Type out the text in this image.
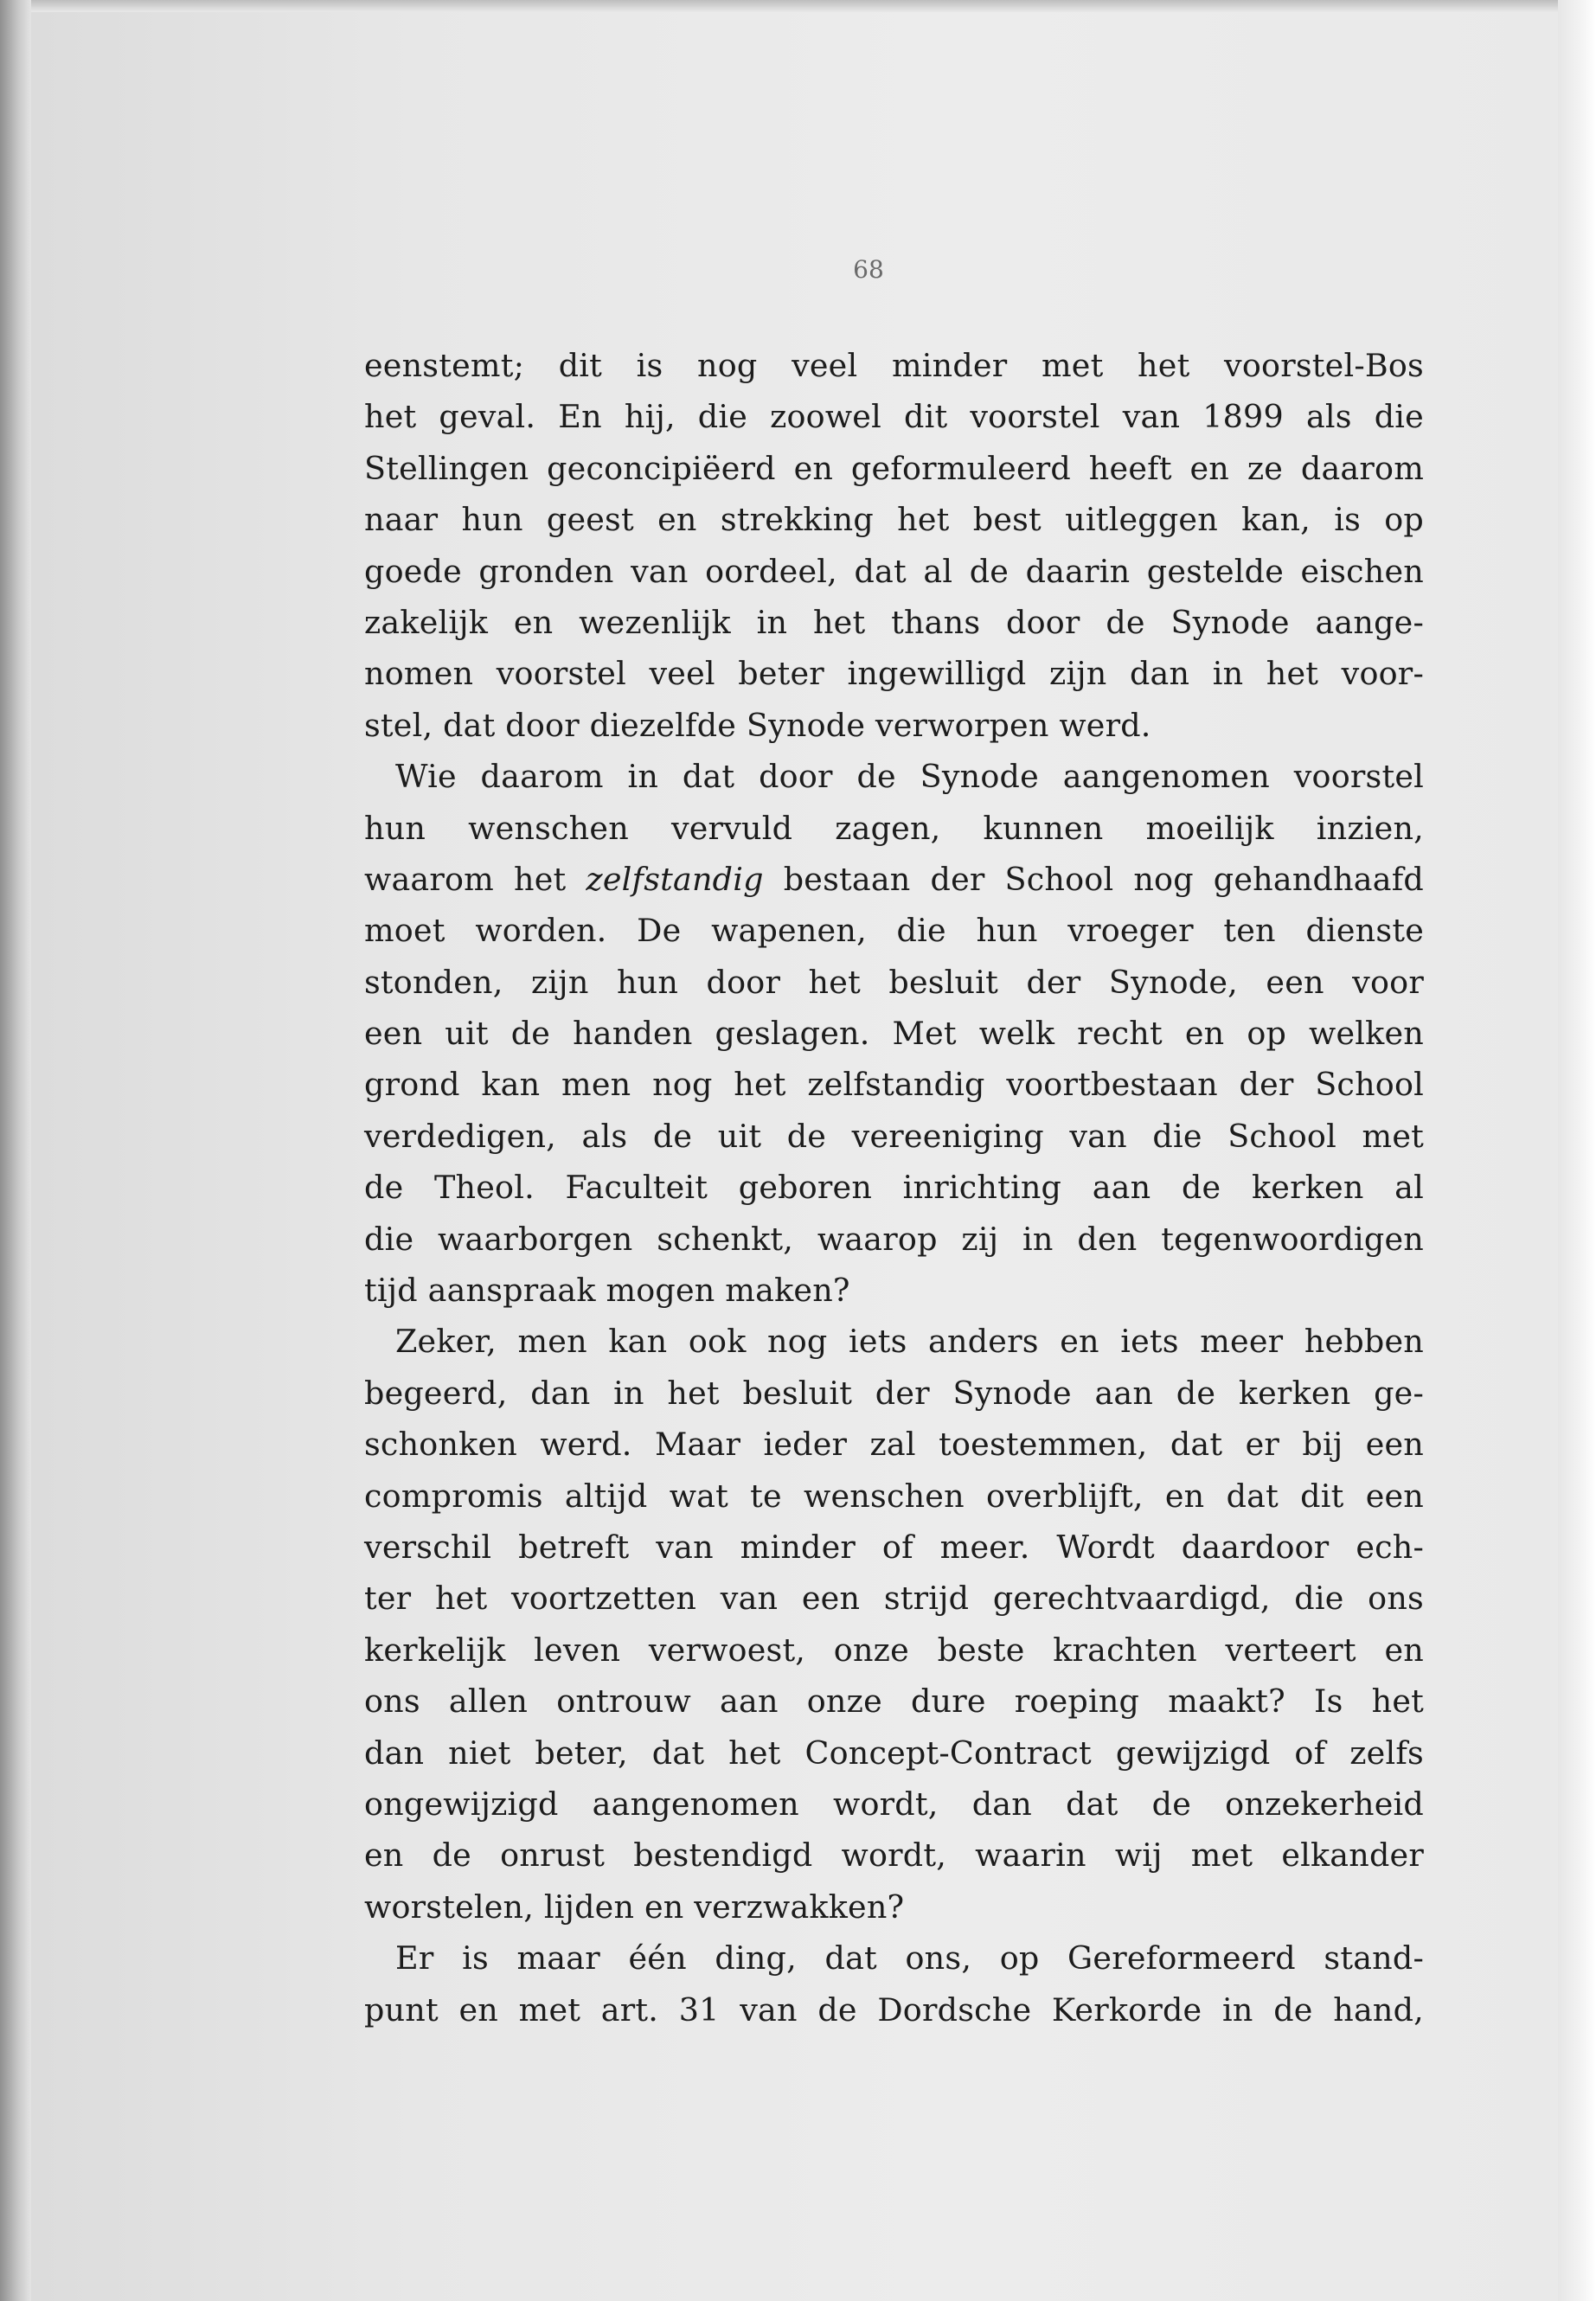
68
eenstemt; dit is nog veel minder met het voorstel-Bos
het geval. En hij, die zoowel dit voorstel van 1899 als die
Stellingen geconcipiëerd en geformuleerd heeft en ze daarom
naar hun geest en strekking het best uitleggen kan, is op
goede gronden van oordeel, dat al de daarin gestelde eischen
zakelijk en wezenlijk in het thans door de Synode aange-
nomen voorstel veel beter ingewilligd zijn dan in het voor-
stel, dat door diezelfde Synode verworpen werd.
Wie daarom in dat door de Synode aangenomen voorstel
hun wenschen vervuld zagen, kunnen moeilijk inzien,
waarom het zelfstandig bestaan der School nog gehandhaafd
moet worden. De wapenen, die hun vroeger ten dienste
stonden, zijn hun door het besluit der Synode, een voor
een uit de handen geslagen. Met welk recht en op welken
grond kan men nog het zelfstandig voortbestaan der School
verdedigen, als de uit de vereeniging van die School met
de Theol. Faculteit geboren inrichting aan de kerken al
die waarborgen schenkt, waarop zij in den tegenwoordigen
tijd aanspraak mogen maken?
Zeker, men kan ook nog iets anders en iets meer hebben
begeerd, dan in het besluit der Synode aan de kerken ge-
schonken werd. Maar ieder zal toestemmen, dat er bij een
compromis altijd wat te wenschen overblijft, en dat dit een
verschil betreft van minder of meer. Wordt daardoor ech-
ter het voortzetten van een strijd gerechtvaardigd, die ons
kerkelijk leven verwoest, onze beste krachten verteert en
ons allen ontrouw aan onze dure roeping maakt? Is het
dan niet beter, dat het Concept-Contract gewijzigd of zelfs
ongewijzigd aangenomen wordt, dan dat de onzekerheid
en de onrust bestendigd wordt, waarin wij met elkander
worstelen, lijden en verzwakken?
Er is maar één ding, dat ons, op Gereformeerd stand-
punt en met art. 31 van de Dordsche Kerkorde in de hand,
